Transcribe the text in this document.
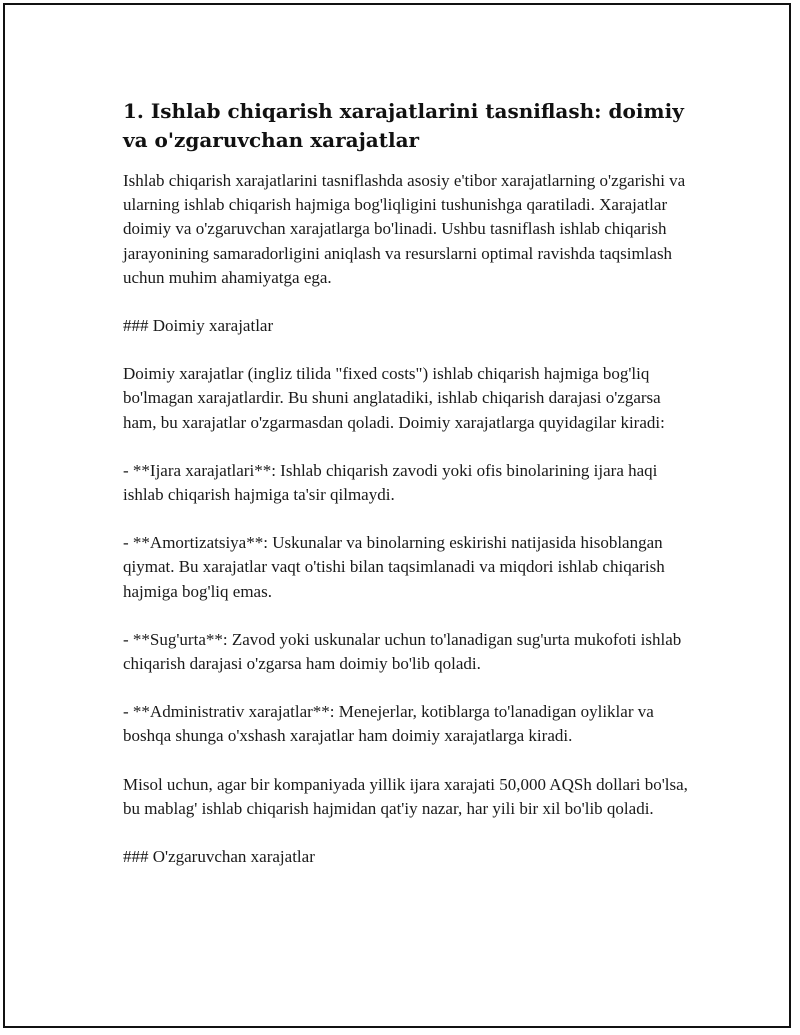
1. Ishlab chiqarish xarajatlarini tasniflash: doimiy va o'zgaruvchan xarajatlar

Ishlab chiqarish xarajatlarini tasniflashda asosiy e'tibor xarajatlarning o'zgarishi va ularning ishlab chiqarish hajmiga bog'liqligini tushunishga qaratiladi. Xarajatlar doimiy va o'zgaruvchan xarajatlarga bo'linadi. Ushbu tasniflash ishlab chiqarish jarayonining samaradorligini aniqlash va resurslarni optimal ravishda taqsimlash uchun muhim ahamiyatga ega.

### Doimiy xarajatlar

Doimiy xarajatlar (ingliz tilida "fixed costs") ishlab chiqarish hajmiga bog'liq bo'lmagan xarajatlardir. Bu shuni anglatadiki, ishlab chiqarish darajasi o'zgarsa ham, bu xarajatlar o'zgarmasdan qoladi. Doimiy xarajatlarga quyidagilar kiradi:

- **Ijara xarajatlari**: Ishlab chiqarish zavodi yoki ofis binolarining ijara haqi ishlab chiqarish hajmiga ta'sir qilmaydi.

- **Amortizatsiya**: Uskunalar va binolarning eskirishi natijasida hisoblangan qiymat. Bu xarajatlar vaqt o'tishi bilan taqsimlanadi va miqdori ishlab chiqarish hajmiga bog'liq emas.

- **Sug'urta**: Zavod yoki uskunalar uchun to'lanadigan sug'urta mukofoti ishlab chiqarish darajasi o'zgarsa ham doimiy bo'lib qoladi.

- **Administrativ xarajatlar**: Menejerlar, kotiblarga to'lanadigan oyliklar va boshqa shunga o'xshash xarajatlar ham doimiy xarajatlarga kiradi.

Misol uchun, agar bir kompaniyada yillik ijara xarajati 50,000 AQSh dollari bo'lsa, bu mablag' ishlab chiqarish hajmidan qat'iy nazar, har yili bir xil bo'lib qoladi.

### O'zgaruvchan xarajatlar
